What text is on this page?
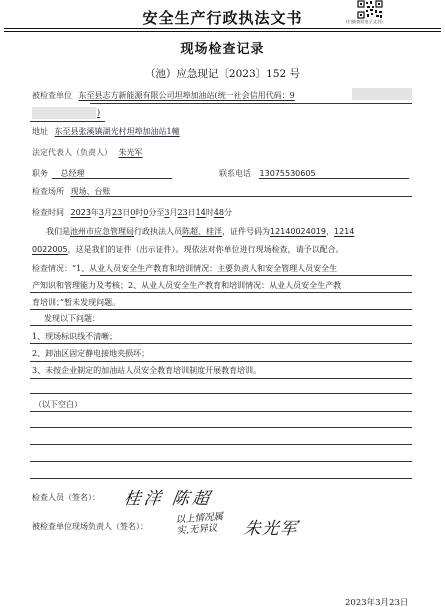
安全生产行政执法文书	(扫描查验电子文书)
现场检查记录
（池）应急现记〔2023〕152 号
被检查单位 东至县志方新能源有限公司坦埠加油站(统一社会信用代码：9
)
地址 东至县张溪镇湖光村坦埠加油站1幢
法定代表人（负责人） 朱光军
职务 总经理	联系电话 13075530605
检查场所 现场、台账
检查时间 2023年3月23日0时0分至3月23日14时48分
我们是池州市应急管理局行政执法人员陈超、桂洋，证件号码为12140024019，1214
0022005，这是我们的证件（出示证件）。现依法对你单位进行现场检查，请予以配合。
检查情况：“1、从业人员安全生产教育和培训情况：主要负责人和安全管理人员安全生
产知识和管理能力及考核；2、从业人员安全生产教育和培训情况：从业人员安全生产教
育培训；”暂未发现问题。
发现以下问题：
1、现场标识线不清晰；
2、卸油区固定静电接地夹损坏；
3、未按企业制定的加油站人员安全教育培训制度开展教育培训。
（以下空白）
检查人员（签名）： 桂洋 陈超
被检查单位现场负责人（签名）：
以上情况属
实,无异议	朱光军
2023年3月23日
